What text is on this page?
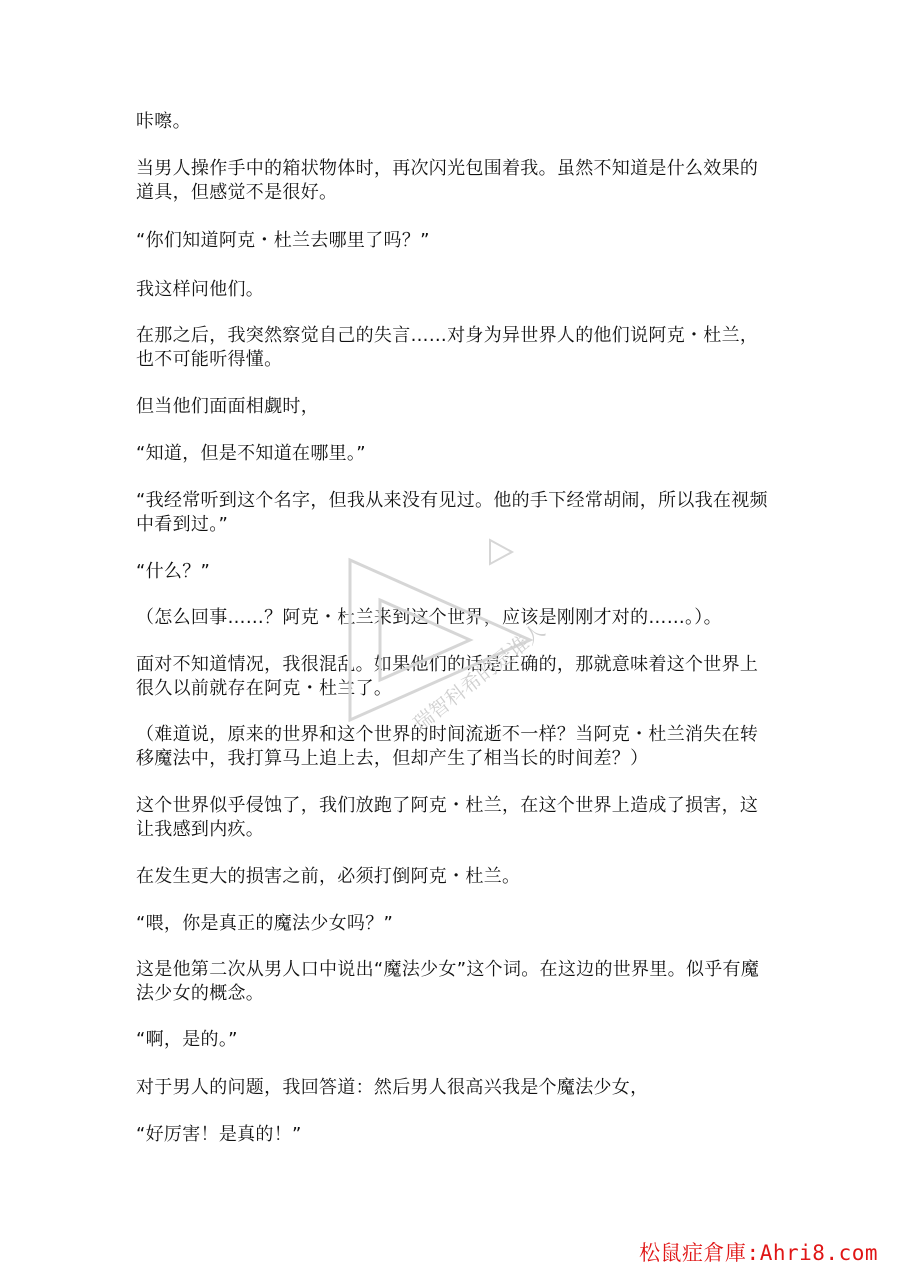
咔嚓。
当男人操作手中的箱状物体时，再次闪光包围着我。虽然不知道是什么效果的道具，但感觉不是很好。
“你们知道阿克・杜兰去哪里了吗？”
我这样问他们。
在那之后，我突然察觉自己的失言……对身为异世界人的他们说阿克・杜兰，也不可能听得懂。
但当他们面面相觑时，
“知道，但是不知道在哪里。”
“我经常听到这个名字，但我从来没有见过。他的手下经常胡闹，所以我在视频中看到过。”
“什么？”
（怎么回事……？阿克・杜兰来到这个世界，应该是刚刚才对的……。）。
面对不知道情况，我很混乱。如果他们的话是正确的，那就意味着这个世界上很久以前就存在阿克・杜兰了。
（难道说，原来的世界和这个世界的时间流逝不一样？当阿克・杜兰消失在转移魔法中，我打算马上追上去，但却产生了相当长的时间差？）
这个世界似乎侵蚀了，我们放跑了阿克・杜兰，在这个世界上造成了损害，这让我感到内疚。
在发生更大的损害之前，必须打倒阿克・杜兰。
“喂，你是真正的魔法少女吗？”
这是他第二次从男人口中说出“魔法少女”这个词。在这边的世界里。似乎有魔法少女的概念。
“啊，是的。”
对于男人的问题，我回答道：然后男人很高兴我是个魔法少女，
“好厉害！是真的！”
瑞智科希的是谁人
松鼠症倉庫:Ahri8.com
